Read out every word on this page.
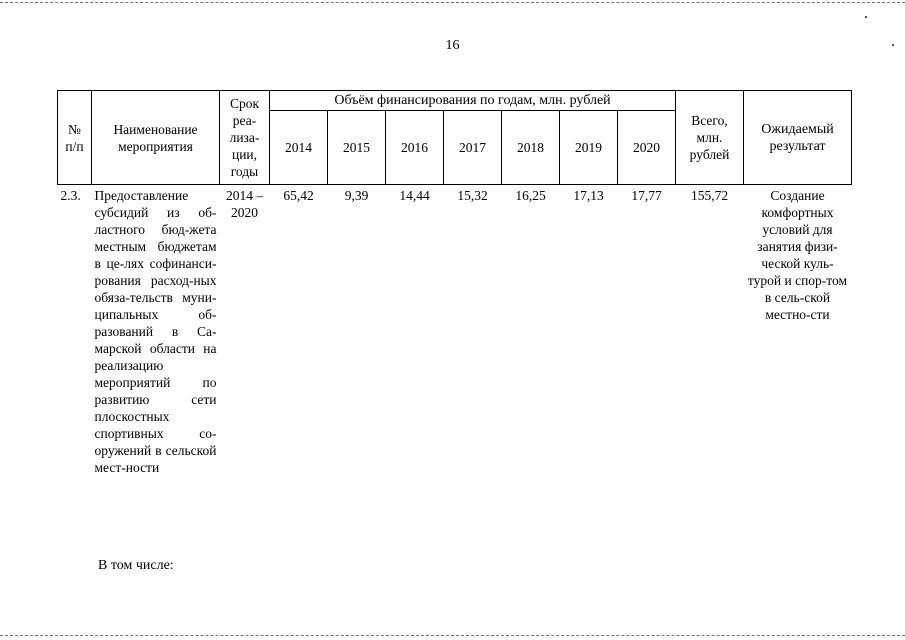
16
№ п/п	Наименование мероприятия	Срок реа-лиза-ции, годы	Объём финансирования по годам, млн. рублей							Всего, млн. рублей	Ожидаемый результат
			2014	2015	2016	2017	2018	2019	2020		
2.3.	Предоставление субсидий из об-ластного бюд-жета местным бюджетам в це-лях софинанси-рования расход-ных обяза-тельств муни-ципальных об-разований в Са-марской области на реализацию мероприятий по развитию сети плоскостных спортивных со-оружений в сельской мест-ности	2014 – 2020	65,42	9,39	14,44	15,32	16,25	17,13	17,77	155,72	Создание комфортных условий для занятия физи-ческой куль-турой и спор-том в сель-ской местно-сти
В том числе:
